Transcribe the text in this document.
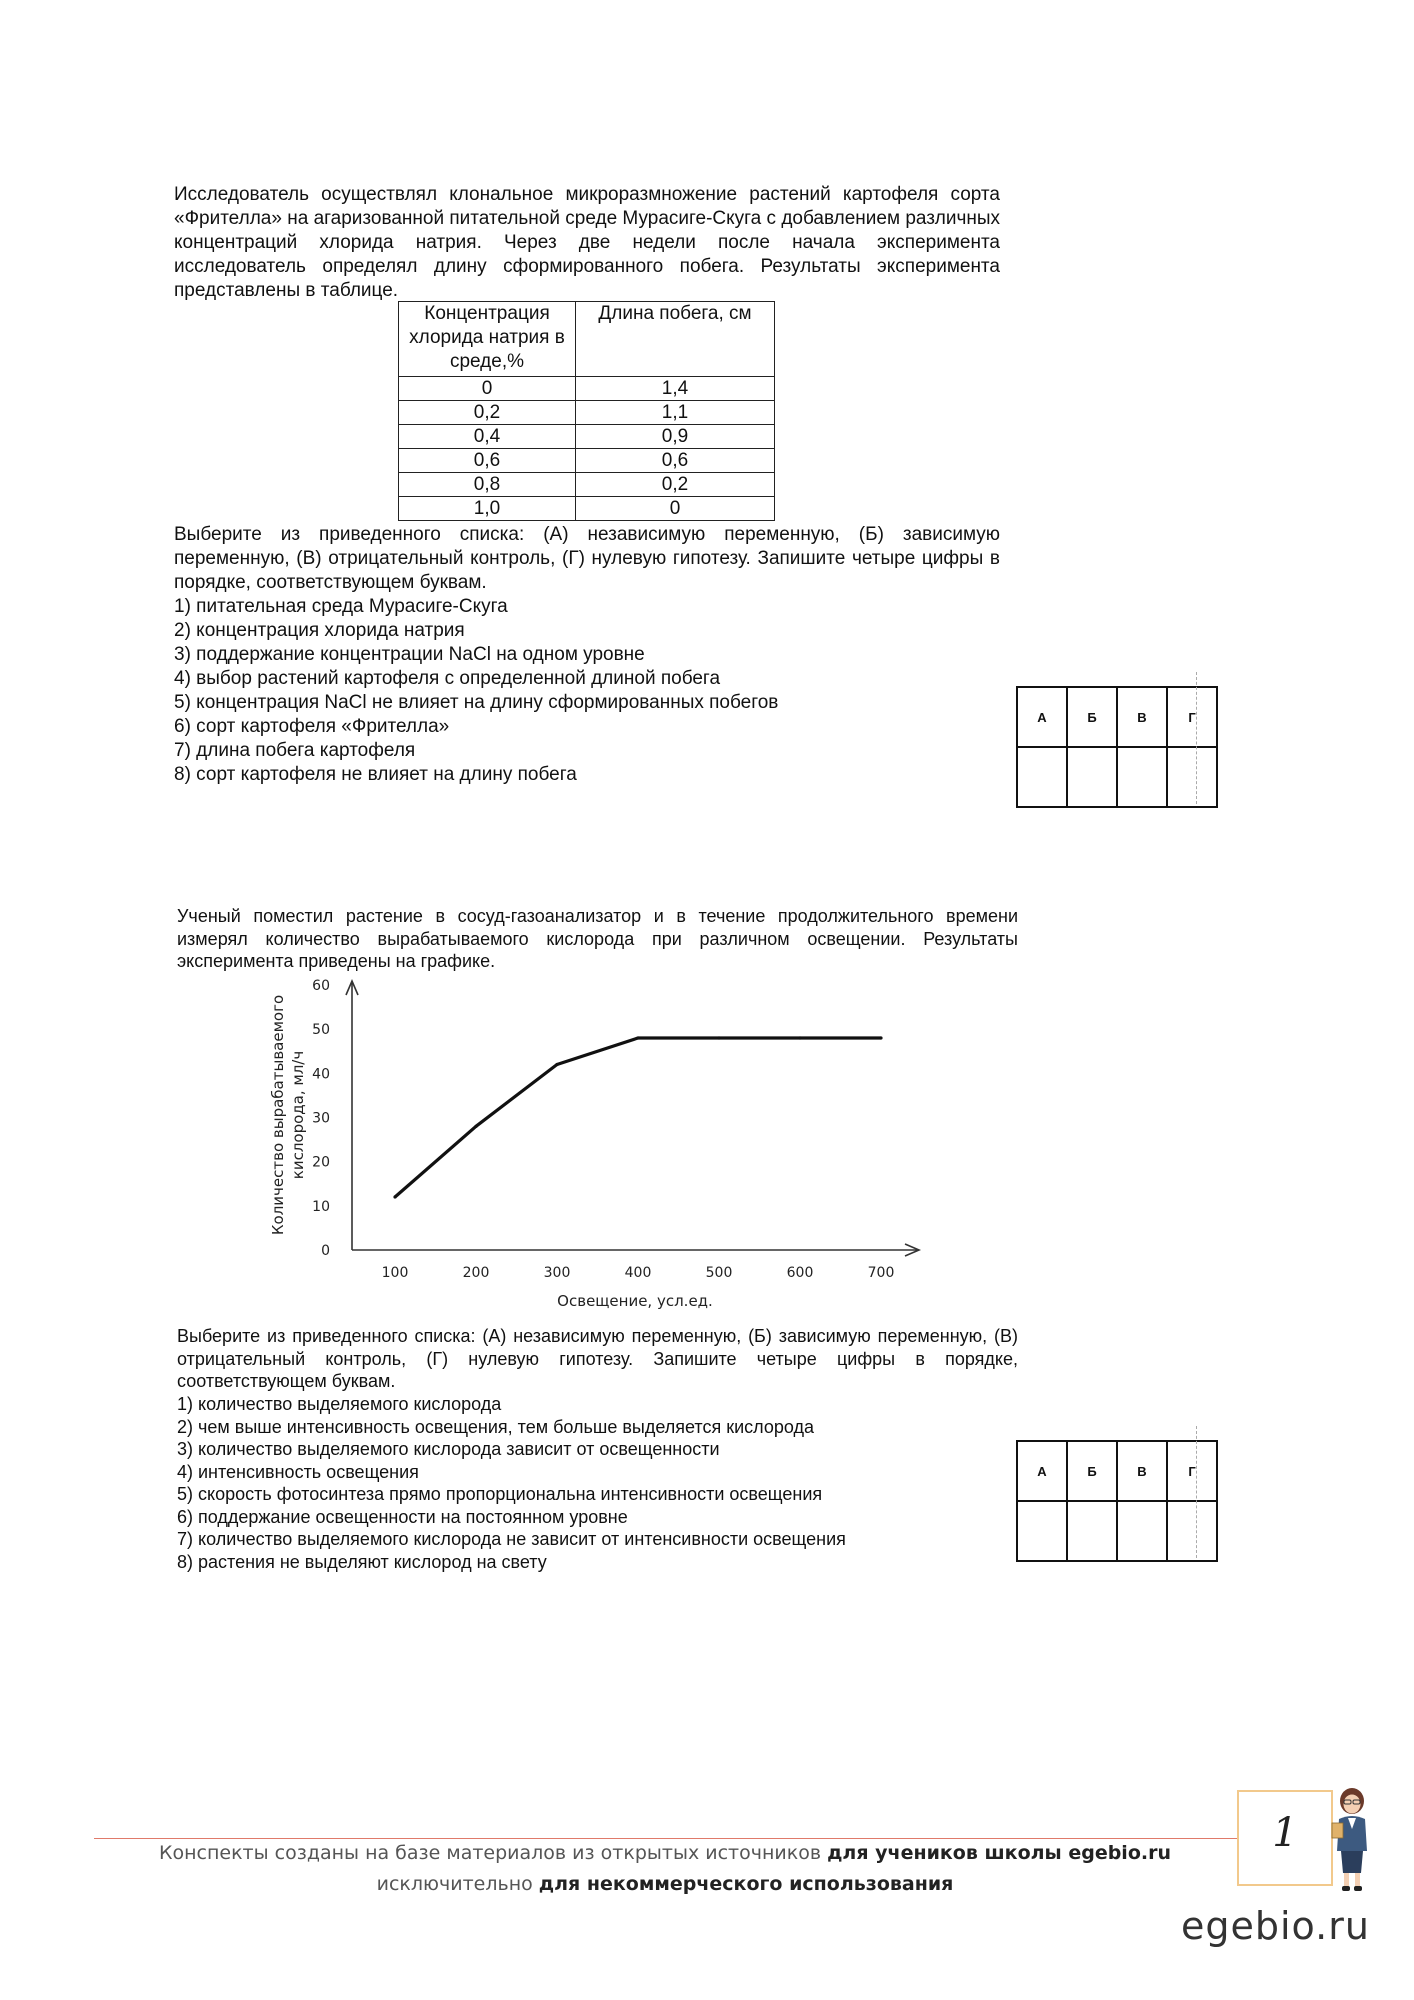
Исследователь осуществлял клональное микроразмножение растений картофеля сорта «Фрителла» на агаризованной питательной среде Мурасиге-Скуга с добавлением различных концентраций хлорида натрия. Через две недели после начала эксперимента исследователь определял длину сформированного побега. Результаты эксперимента представлены в таблице.
Концентрация хлорида натрия в среде,%	Длина побега, см
0	1,4
0,2	1,1
0,4	0,9
0,6	0,6
0,8	0,2
1,0	0
Выберите из приведенного списка: (А) независимую переменную, (Б) зависимую переменную, (В) отрицательный контроль, (Г) нулевую гипотезу. Запишите четыре цифры в порядке, соответствующем буквам.
1) питательная среда Мурасиге-Скуга
2) концентрация хлорида натрия
3) поддержание концентрации NaCl на одном уровне
4) выбор растений картофеля с определенной длиной побега
5) концентрация NaCl не влияет на длину сформированных побегов
6) сорт картофеля «Фрителла»
7) длина побега картофеля
8) сорт картофеля не влияет на длину побега
А	Б	В	Г

Ученый поместил растение в сосуд-газоанализатор и в течение продолжительного времени измерял количество вырабатываемого кислорода при различном освещении. Результаты эксперимента приведены на графике.
0
10
20
30
40
50
60
100	200	300	400	500	600	700
Освещение, усл.ед.
Количество вырабатываемого кислорода, мл/ч
Выберите из приведенного списка: (А) независимую переменную, (Б) зависимую переменную, (В) отрицательный контроль, (Г) нулевую гипотезу. Запишите четыре цифры в порядке, соответствующем буквам.
1) количество выделяемого кислорода
2) чем выше интенсивность освещения, тем больше выделяется кислорода
3) количество выделяемого кислорода зависит от освещенности
4) интенсивность освещения
5) скорость фотосинтеза прямо пропорциональна интенсивности освещения
6) поддержание освещенности на постоянном уровне
7) количество выделяемого кислорода не зависит от интенсивности освещения
8) растения не выделяют кислород на свету
А	Б	В	Г

Конспекты созданы на базе материалов из открытых источников для учеников школы egebio.ru
исключительно для некоммерческого использования
1
egebio.ru
